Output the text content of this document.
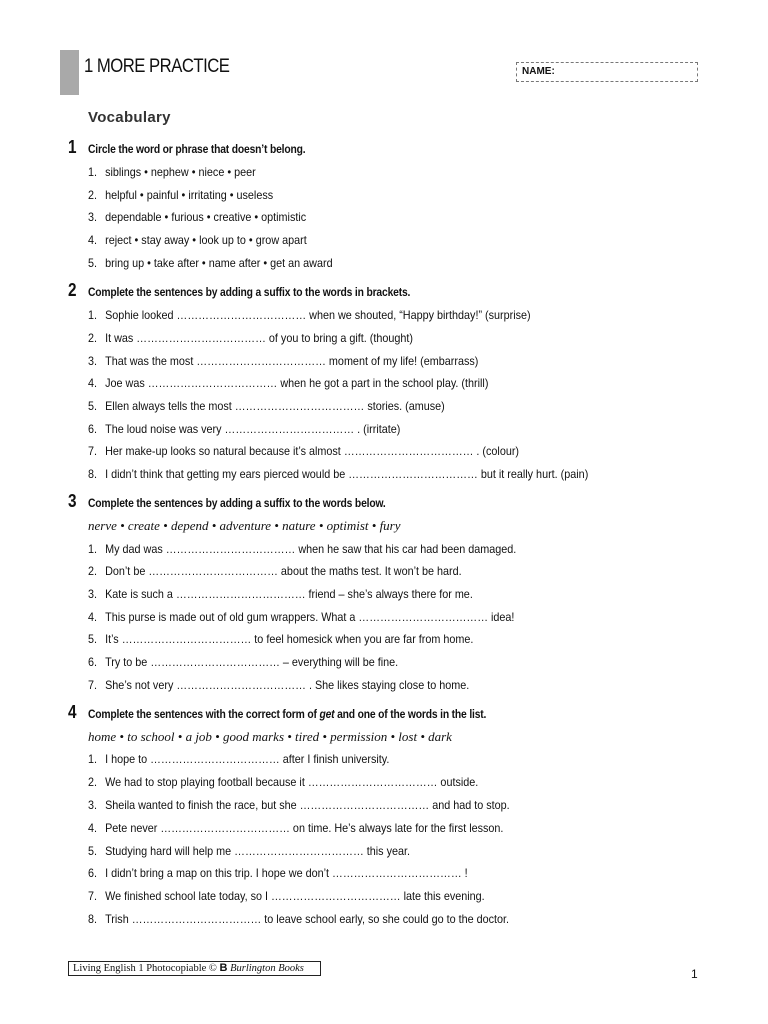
1 MORE PRACTICE	NAME:
Vocabulary
1 Circle the word or phrase that doesn’t belong.
1. siblings • nephew • niece • peer
2. helpful • painful • irritating • useless
3. dependable • furious • creative • optimistic
4. reject • stay away • look up to • grow apart
5. bring up • take after • name after • get an award
2 Complete the sentences by adding a suffix to the words in brackets.
1. Sophie looked ……………………………… when we shouted, “Happy birthday!” (surprise)
2. It was ……………………………… of you to bring a gift. (thought)
3. That was the most ……………………………… moment of my life! (embarrass)
4. Joe was ……………………………… when he got a part in the school play. (thrill)
5. Ellen always tells the most ……………………………… stories. (amuse)
6. The loud noise was very ……………………………… . (irritate)
7. Her make-up looks so natural because it’s almost ……………………………… . (colour)
8. I didn’t think that getting my ears pierced would be ……………………………… but it really hurt. (pain)
3 Complete the sentences by adding a suffix to the words below.
nerve • create • depend • adventure • nature • optimist • fury
1. My dad was ……………………………… when he saw that his car had been damaged.
2. Don’t be ……………………………… about the maths test. It won’t be hard.
3. Kate is such a ……………………………… friend – she’s always there for me.
4. This purse is made out of old gum wrappers. What a ……………………………… idea!
5. It’s ……………………………… to feel homesick when you are far from home.
6. Try to be ……………………………… – everything will be fine.
7. She’s not very ……………………………… . She likes staying close to home.
4 Complete the sentences with the correct form of get and one of the words in the list.
home • to school • a job • good marks • tired • permission • lost • dark
1. I hope to ……………………………… after I finish university.
2. We had to stop playing football because it ……………………………… outside.
3. Sheila wanted to finish the race, but she ……………………………… and had to stop.
4. Pete never ……………………………… on time. He’s always late for the first lesson.
5. Studying hard will help me ……………………………… this year.
6. I didn’t bring a map on this trip. I hope we don’t ……………………………… !
7. We finished school late today, so I ……………………………… late this evening.
8. Trish ……………………………… to leave school early, so she could go to the doctor.
Living English 1 Photocopiable © B Burlington Books	1
